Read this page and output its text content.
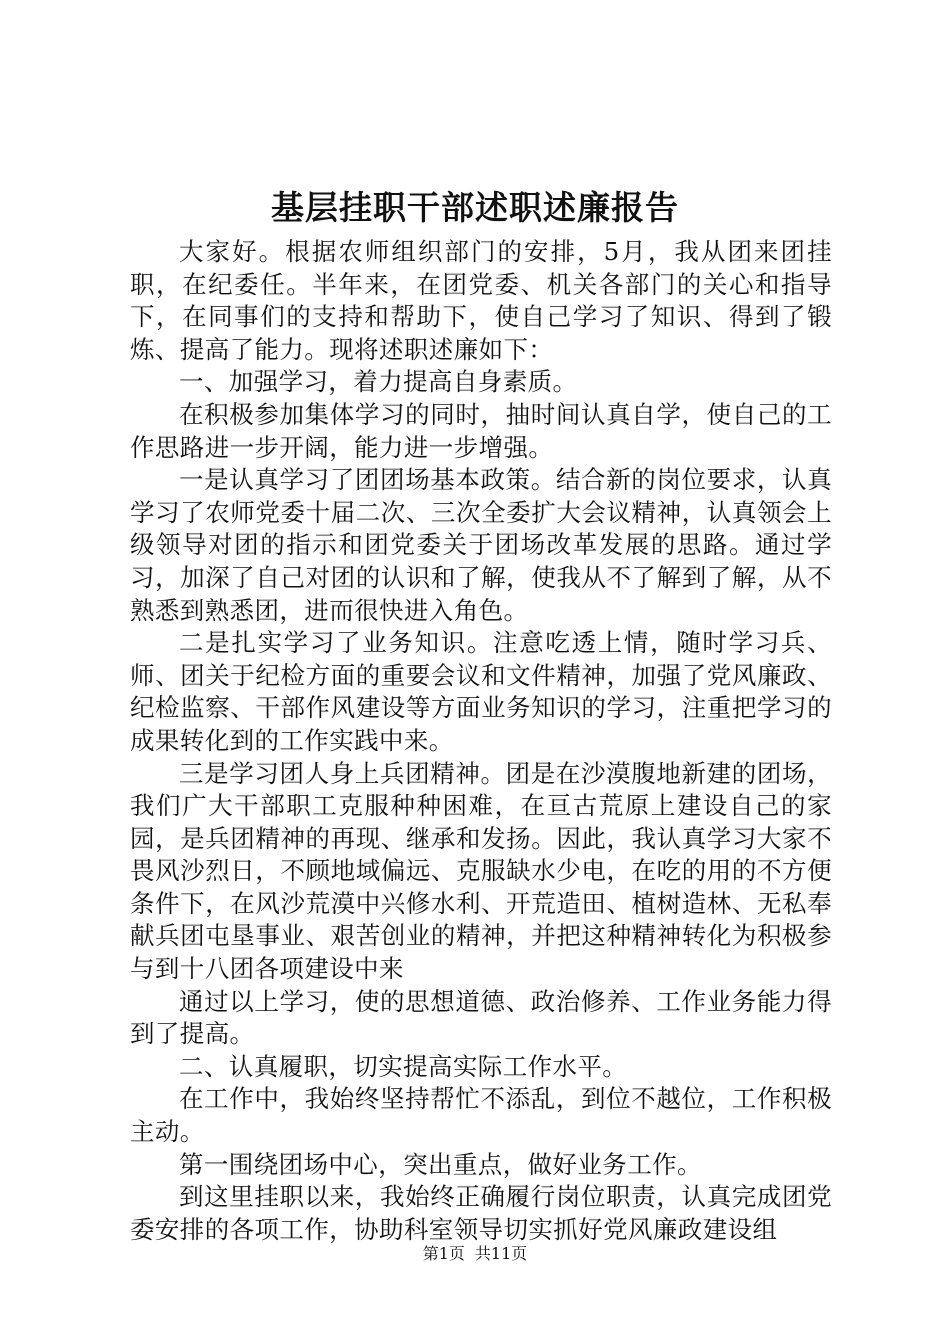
基层挂职干部述职述廉报告

大家好。根据农师组织部门的安排，5月，我从团来团挂职，在纪委任。半年来，在团党委、机关各部门的关心和指导下，在同事们的支持和帮助下，使自己学习了知识、得到了锻炼、提高了能力。现将述职述廉如下：

一、加强学习，着力提高自身素质。

在积极参加集体学习的同时，抽时间认真自学，使自己的工作思路进一步开阔，能力进一步增强。

一是认真学习了团团场基本政策。结合新的岗位要求，认真学习了农师党委十届二次、三次全委扩大会议精神，认真领会上级领导对团的指示和团党委关于团场改革发展的思路。通过学习，加深了自己对团的认识和了解，使我从不了解到了解，从不熟悉到熟悉团，进而很快进入角色。

二是扎实学习了业务知识。注意吃透上情，随时学习兵、师、团关于纪检方面的重要会议和文件精神，加强了党风廉政、纪检监察、干部作风建设等方面业务知识的学习，注重把学习的成果转化到的工作实践中来。

三是学习团人身上兵团精神。团是在沙漠腹地新建的团场，我们广大干部职工克服种种困难，在亘古荒原上建设自己的家园，是兵团精神的再现、继承和发扬。因此，我认真学习大家不畏风沙烈日，不顾地域偏远、克服缺水少电，在吃的用的不方便条件下，在风沙荒漠中兴修水利、开荒造田、植树造林、无私奉献兵团屯垦事业、艰苦创业的精神，并把这种精神转化为积极参与到十八团各项建设中来

通过以上学习，使的思想道德、政治修养、工作业务能力得到了提高。

二、认真履职，切实提高实际工作水平。

在工作中，我始终坚持帮忙不添乱，到位不越位，工作积极主动。

第一围绕团场中心，突出重点，做好业务工作。

到这里挂职以来，我始终正确履行岗位职责，认真完成团党委安排的各项工作，协助科室领导切实抓好党风廉政建设组

第1页 共11页
